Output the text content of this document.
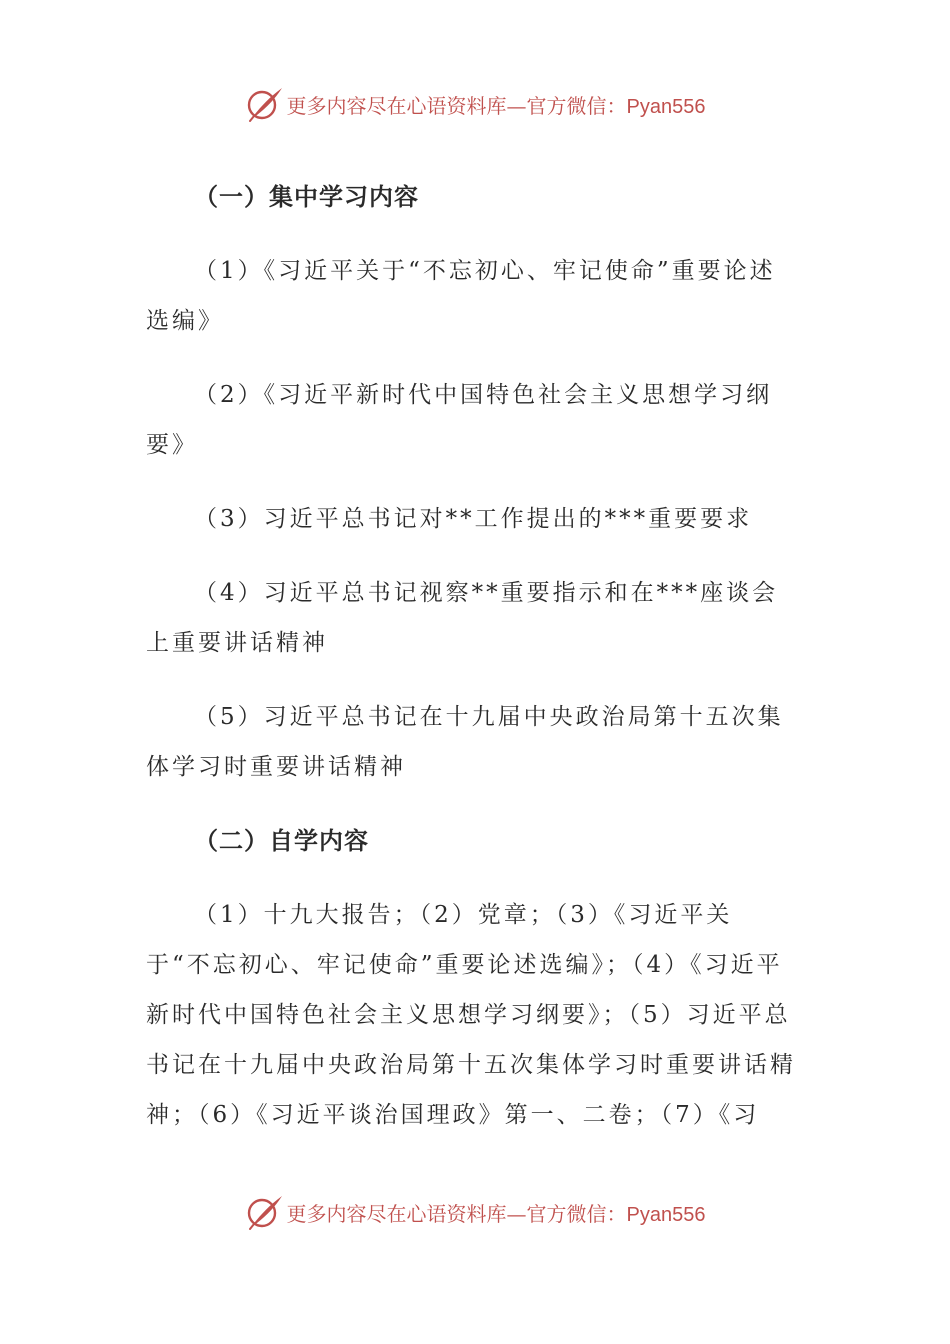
更多内容尽在心语资料库—官方微信：Pyan556
（一）集中学习内容

（1）《习近平关于“不忘初心、牢记使命”重要论述选编》

（2）《习近平新时代中国特色社会主义思想学习纲要》

（3）习近平总书记对**工作提出的***重要要求

（4）习近平总书记视察**重要指示和在***座谈会上重要讲话精神

（5）习近平总书记在十九届中央政治局第十五次集体学习时重要讲话精神

（二）自学内容

（1）十九大报告；（2）党章；（3）《习近平关于“不忘初心、牢记使命”重要论述选编》；（4）《习近平新时代中国特色社会主义思想学习纲要》；（5）习近平总书记在十九届中央政治局第十五次集体学习时重要讲话精神；（6）《习近平谈治国理政》第一、二卷；（7）《习

更多内容尽在心语资料库—官方微信：Pyan556
